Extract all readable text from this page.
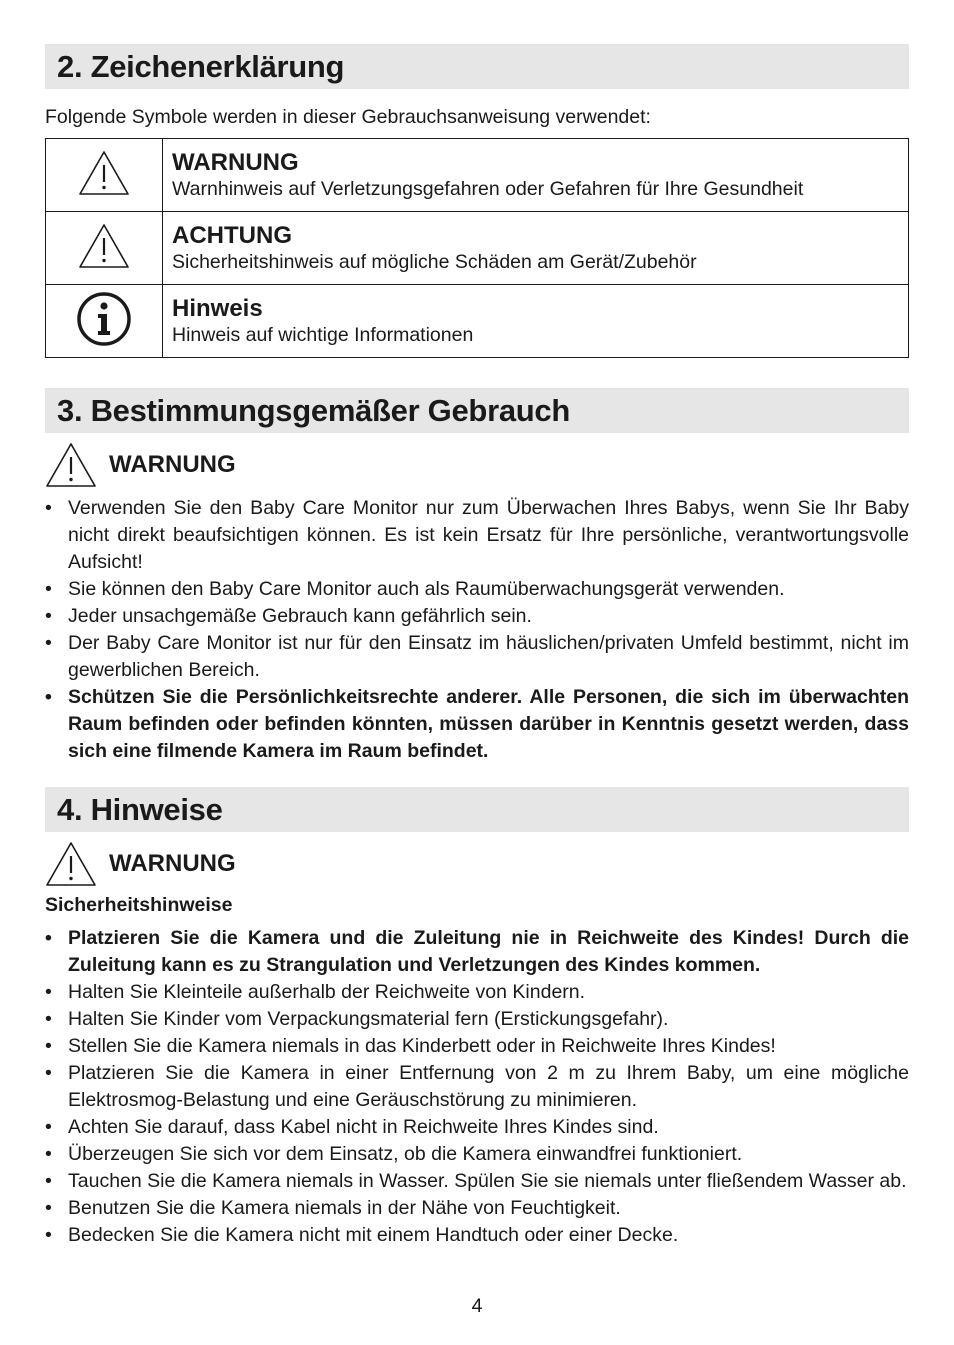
2. Zeichenerklärung
Folgende Symbole werden in dieser Gebrauchsanweisung verwendet:

WARNUNG
Warnhinweis auf Verletzungsgefahren oder Gefahren für Ihre Gesundheit

ACHTUNG
Sicherheitshinweis auf mögliche Schäden am Gerät/Zubehör

Hinweis
Hinweis auf wichtige Informationen
3. Bestimmungsgemäßer Gebrauch
WARNUNG
• Verwenden Sie den Baby Care Monitor nur zum Überwachen Ihres Babys, wenn Sie Ihr Baby nicht direkt beaufsichtigen können. Es ist kein Ersatz für Ihre persönliche, verantwortungsvolle Aufsicht!
• Sie können den Baby Care Monitor auch als Raumüberwachungsgerät verwenden.
• Jeder unsachgemäße Gebrauch kann gefährlich sein.
• Der Baby Care Monitor ist nur für den Einsatz im häuslichen/privaten Umfeld bestimmt, nicht im gewerblichen Bereich.
• Schützen Sie die Persönlichkeitsrechte anderer. Alle Personen, die sich im überwachten Raum befinden oder befinden könnten, müssen darüber in Kenntnis gesetzt werden, dass sich eine filmende Kamera im Raum befindet.
4. Hinweise
WARNUNG
Sicherheitshinweise
• Platzieren Sie die Kamera und die Zuleitung nie in Reichweite des Kindes! Durch die Zuleitung kann es zu Strangulation und Verletzungen des Kindes kommen.
• Halten Sie Kleinteile außerhalb der Reichweite von Kindern.
• Halten Sie Kinder vom Verpackungsmaterial fern (Erstickungsgefahr).
• Stellen Sie die Kamera niemals in das Kinderbett oder in Reichweite Ihres Kindes!
• Platzieren Sie die Kamera in einer Entfernung von 2 m zu Ihrem Baby, um eine mögliche Elektrosmog-Belastung und eine Geräuschstörung zu minimieren.
• Achten Sie darauf, dass Kabel nicht in Reichweite Ihres Kindes sind.
• Überzeugen Sie sich vor dem Einsatz, ob die Kamera einwandfrei funktioniert.
• Tauchen Sie die Kamera niemals in Wasser. Spülen Sie sie niemals unter fließendem Wasser ab.
• Benutzen Sie die Kamera niemals in der Nähe von Feuchtigkeit.
• Bedecken Sie die Kamera nicht mit einem Handtuch oder einer Decke.
4
